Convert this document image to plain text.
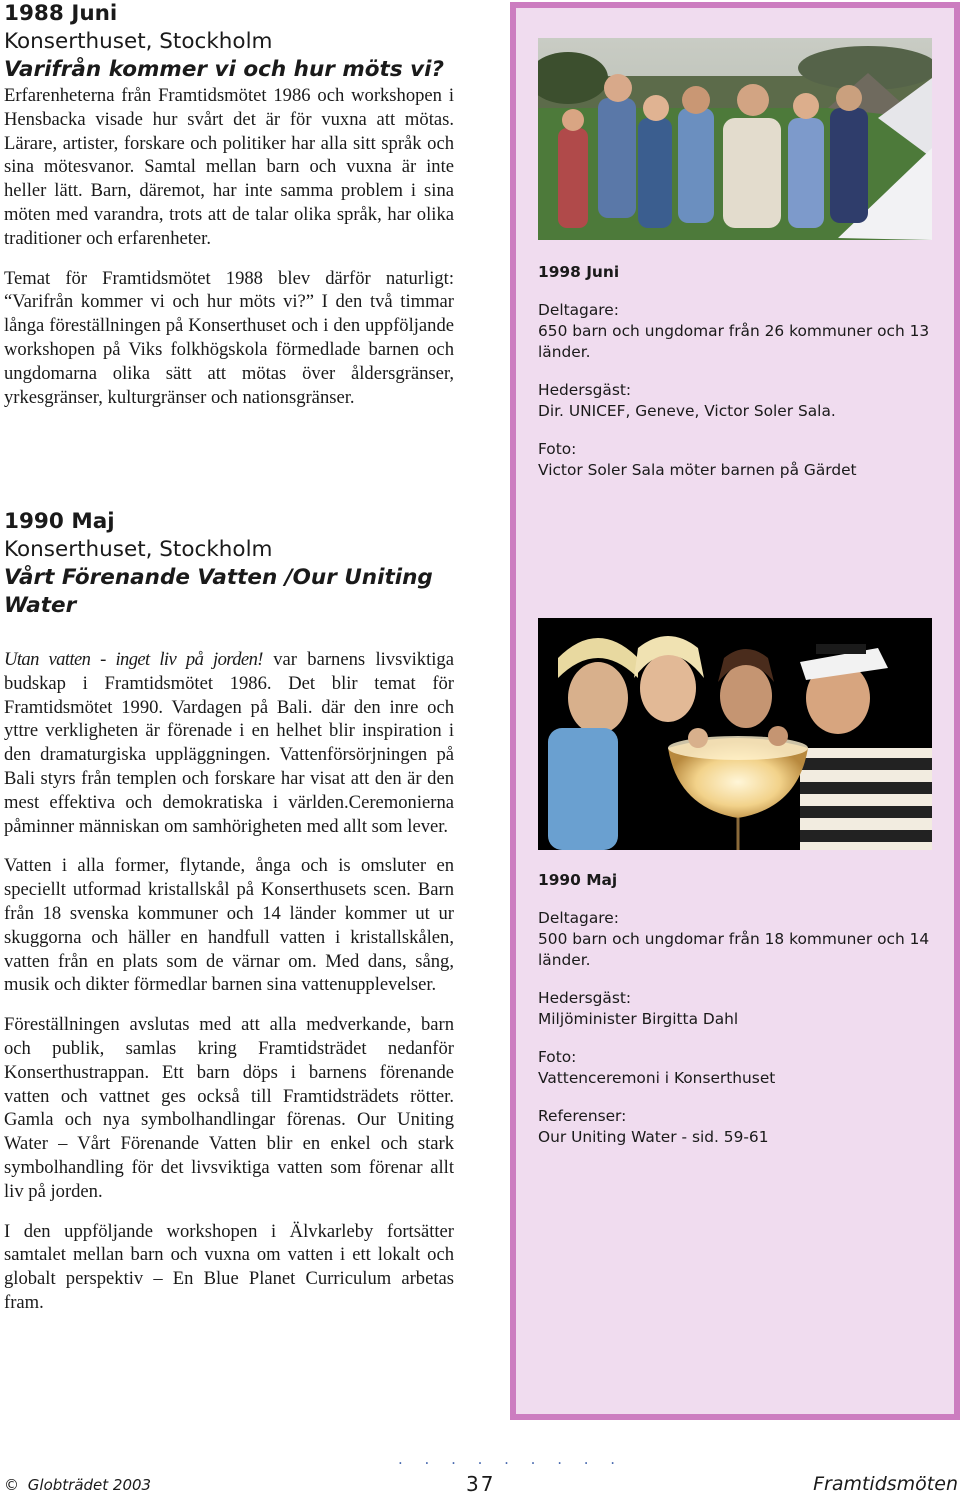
1988 Juni

Konserthuset, Stockholm

Varifrån kommer vi och hur möts vi?

Erfarenheterna från Framtidsmötet 1986 och workshopen i Hensbacka visade hur svårt det är för vuxna att mötas. Lärare, artister, forskare och politiker har alla sitt språk och sina mötesvanor. Samtal mellan barn och vuxna är inte heller lätt. Barn, däremot, har inte samma problem i sina möten med varandra, trots att de talar olika språk, har olika traditioner och erfarenheter.

Temat för Framtidsmötet 1988 blev därför naturligt: “Varifrån kommer vi och hur möts vi?” I den två timmar långa föreställningen på Konserthuset och i den uppföljande workshopen på Viks folkhögskola förmedlade barnen och ungdomarna olika sätt att mötas över åldersgränser, yrkesgränser, kulturgränser och nationsgränser.

1990 Maj

Konserthuset, Stockholm

Vårt Förenande Vatten /Our Uniting Water

Utan vatten - inget liv på jorden! var barnens livsviktiga budskap i Framtidsmötet 1986. Det blir temat för Framtidsmötet 1990. Vardagen på Bali. där den inre och yttre verkligheten är förenade i en helhet blir inspiration i den dramaturgiska uppläggningen. Vattenförsörjningen på Bali styrs från templen och forskare har visat att den är den mest effektiva och demokratiska i världen.Ceremonierna påminner människan om samhörigheten med allt som lever.

Vatten i alla former, flytande, ånga och is omsluter en speciellt utformad kristallskål på Konserthusets scen. Barn från 18 svenska kommuner och 14 länder kommer ut ur skuggorna och häller en handfull vatten i kristallskålen, vatten från en plats som de värnar om. Med dans, sång, musik och dikter förmedlar barnen sina vattenupplevelser.

Föreställningen avslutas med att alla medverkande, barn och publik, samlas kring Framtidsträdet nedanför Konserthustrappan. Ett barn döps i barnens förenande vatten och vattnet ges också till Framtidsträdets rötter. Gamla och nya symbolhandlingar förenas. Our Uniting Water – Vårt Förenande Vatten blir en enkel och stark symbolhandling för det livsviktiga vatten som förenar allt liv på jorden.

I den uppföljande workshopen i Älvkarleby fortsätter samtalet mellan barn och vuxna om vatten i ett lokalt och globalt perspektiv – En Blue Planet Curriculum arbetas fram.

1998 Juni

Deltagare:
650 barn och ungdomar från 26 kommuner och 13 länder.

Hedersgäst:
Dir. UNICEF, Geneve, Victor Soler Sala.

Foto:
Victor Soler Sala möter barnen på Gärdet

1990 Maj

Deltagare:
500 barn och ungdomar från 18 kommuner och 14 länder.

Hedersgäst:
Miljöminister Birgitta Dahl

Foto:
Vattenceremoni i Konserthuset

Referenser:
Our Uniting Water - sid. 59-61

. . . . . . . . .
© Globträdet 2003	37	Framtidsmöten
